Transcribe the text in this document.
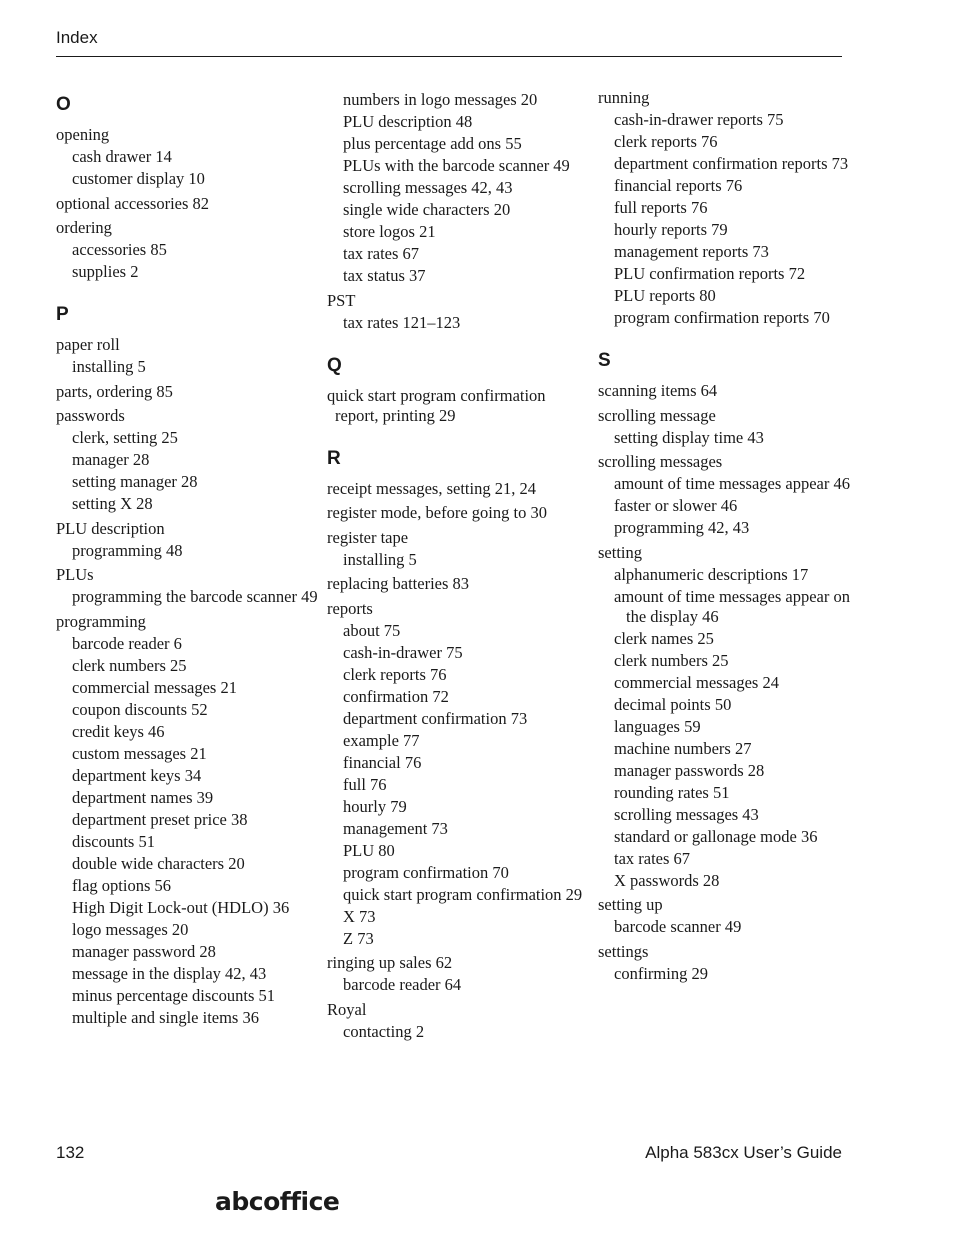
Index
O
opening
cash drawer 14
customer display 10
optional accessories 82
ordering
accessories 85
supplies 2
P
paper roll
installing 5
parts, ordering 85
passwords
clerk, setting 25
manager 28
setting manager 28
setting X 28
PLU description
programming 48
PLUs
programming the barcode scanner 49
programming
barcode reader 6
clerk numbers 25
commercial messages 21
coupon discounts 52
credit keys 46
custom messages 21
department keys 34
department names 39
department preset price 38
discounts 51
double wide characters 20
flag options 56
High Digit Lock-out (HDLO) 36
logo messages 20
manager password 28
message in the display 42, 43
minus percentage discounts 51
multiple and single items 36
numbers in logo messages 20
PLU description 48
plus percentage add ons 55
PLUs with the barcode scanner 49
scrolling messages 42, 43
single wide characters 20
store logos 21
tax rates 67
tax status 37
PST
tax rates 121–123
Q
quick start program confirmation report, printing 29
R
receipt messages, setting 21, 24
register mode, before going to 30
register tape
installing 5
replacing batteries 83
reports
about 75
cash-in-drawer 75
clerk reports 76
confirmation 72
department confirmation 73
example 77
financial 76
full 76
hourly 79
management 73
PLU 80
program confirmation 70
quick start program confirmation 29
X 73
Z 73
ringing up sales 62
barcode reader 64
Royal
contacting 2
running
cash-in-drawer reports 75
clerk reports 76
department confirmation reports 73
financial reports 76
full reports 76
hourly reports 79
management reports 73
PLU confirmation reports 72
PLU reports 80
program confirmation reports 70
S
scanning items 64
scrolling message
setting display time 43
scrolling messages
amount of time messages appear 46
faster or slower 46
programming 42, 43
setting
alphanumeric descriptions 17
amount of time messages appear on the display 46
clerk names 25
clerk numbers 25
commercial messages 24
decimal points 50
languages 59
machine numbers 27
manager passwords 28
rounding rates 51
scrolling messages 43
standard or gallonage mode 36
tax rates 67
X passwords 28
setting up
barcode scanner 49
settings
confirming 29
132	Alpha 583cx User’s Guide
abcoffice
